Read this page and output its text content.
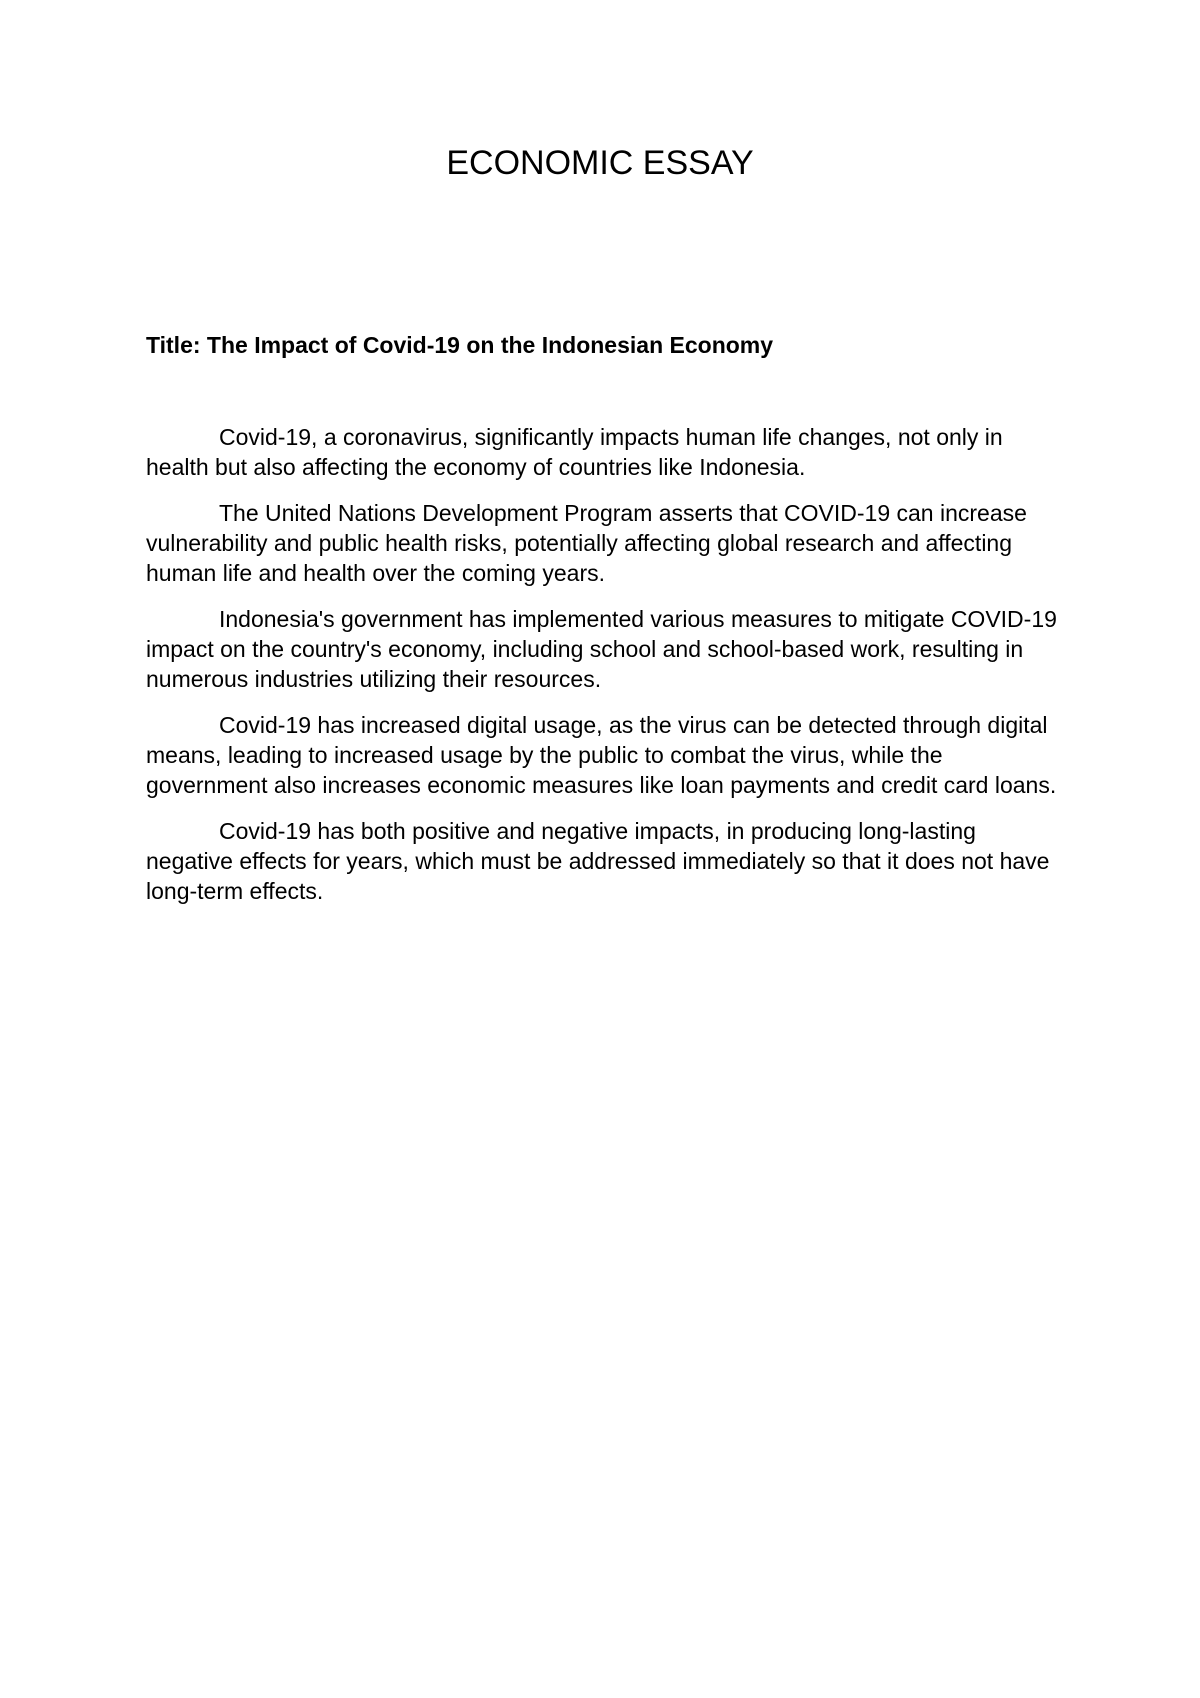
ECONOMIC ESSAY
Title: The Impact of Covid-19 on the Indonesian Economy

Covid-19, a coronavirus, significantly impacts human life changes, not only in health but also affecting the economy of countries like Indonesia.

The United Nations Development Program asserts that COVID-19 can increase vulnerability and public health risks, potentially affecting global research and affecting human life and health over the coming years.

Indonesia's government has implemented various measures to mitigate COVID-19 impact on the country's economy, including school and school-based work, resulting in numerous industries utilizing their resources.

Covid-19 has increased digital usage, as the virus can be detected through digital means, leading to increased usage by the public to combat the virus, while the government also increases economic measures like loan payments and credit card loans.

Covid-19 has both positive and negative impacts, in producing long-lasting negative effects for years, which must be addressed immediately so that it does not have long-term effects.
